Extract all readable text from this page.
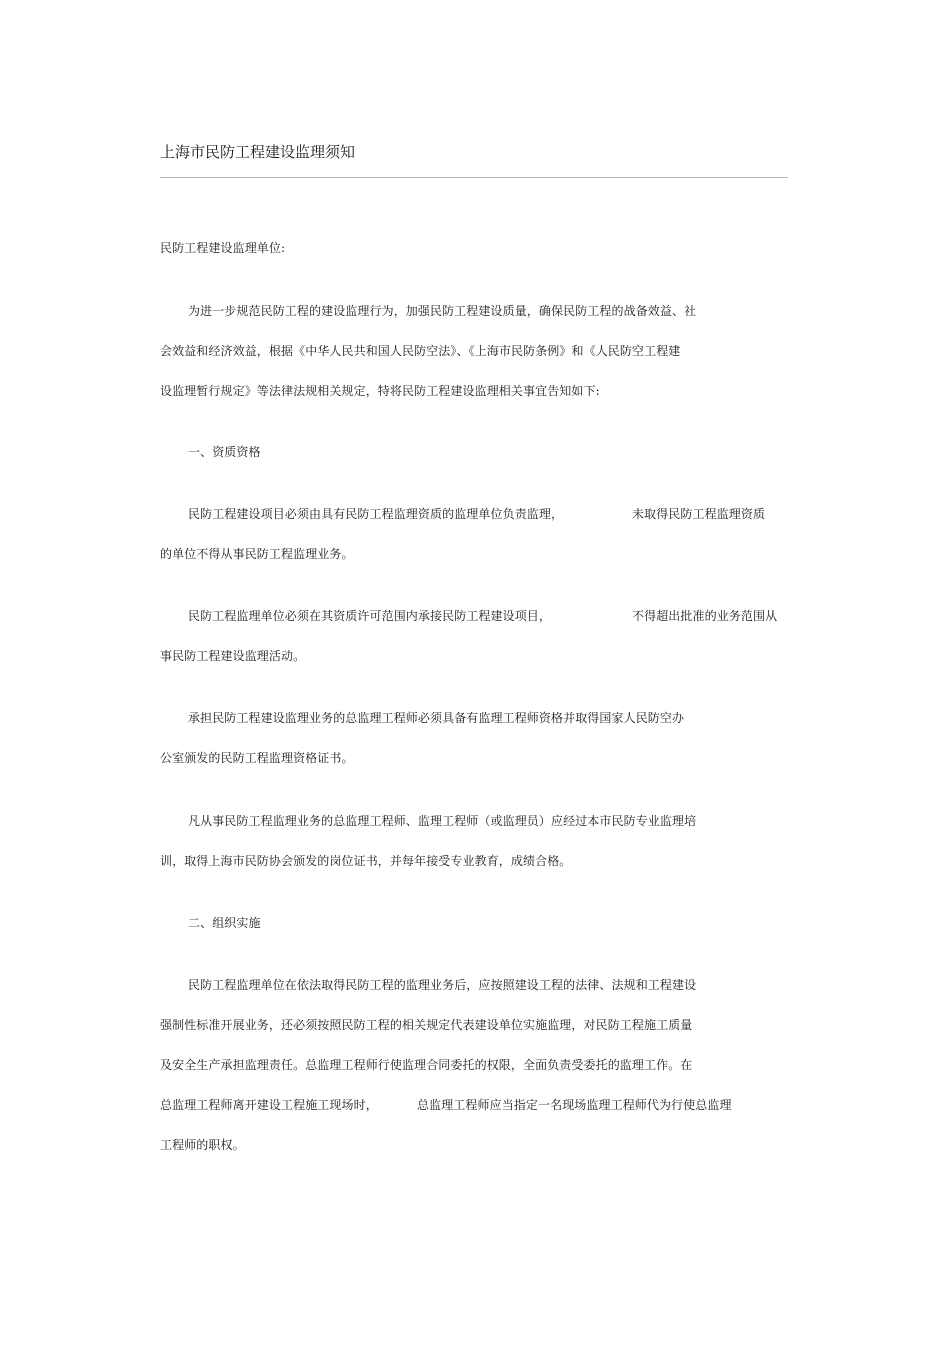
上海市民防工程建设监理须知
民防工程建设监理单位:
为进一步规范民防工程的建设监理行为，加强民防工程建设质量，确保民防工程的战备效益、社
会效益和经济效益，根据《中华人民共和国人民防空法》、《上海市民防条例》和《人民防空工程建
设监理暂行规定》等法律法规相关规定，特将民防工程建设监理相关事宜告知如下:
一、资质资格
民防工程建设项目必须由具有民防工程监理资质的监理单位负责监理，	未取得民防工程监理资质
的单位不得从事民防工程监理业务。
民防工程监理单位必须在其资质许可范围内承接民防工程建设项目，	不得超出批准的业务范围从
事民防工程建设监理活动。
承担民防工程建设监理业务的总监理工程师必须具备有监理工程师资格并取得国家人民防空办
公室颁发的民防工程监理资格证书。
凡从事民防工程监理业务的总监理工程师、监理工程师（或监理员）应经过本市民防专业监理培
训，取得上海市民防协会颁发的岗位证书，并每年接受专业教育，成绩合格。
二、组织实施
民防工程监理单位在依法取得民防工程的监理业务后，应按照建设工程的法律、法规和工程建设
强制性标准开展业务，还必须按照民防工程的相关规定代表建设单位实施监理，对民防工程施工质量
及安全生产承担监理责任。总监理工程师行使监理合同委托的权限，全面负责受委托的监理工作。在
总监理工程师离开建设工程施工现场时，	总监理工程师应当指定一名现场监理工程师代为行使总监理
工程师的职权。
